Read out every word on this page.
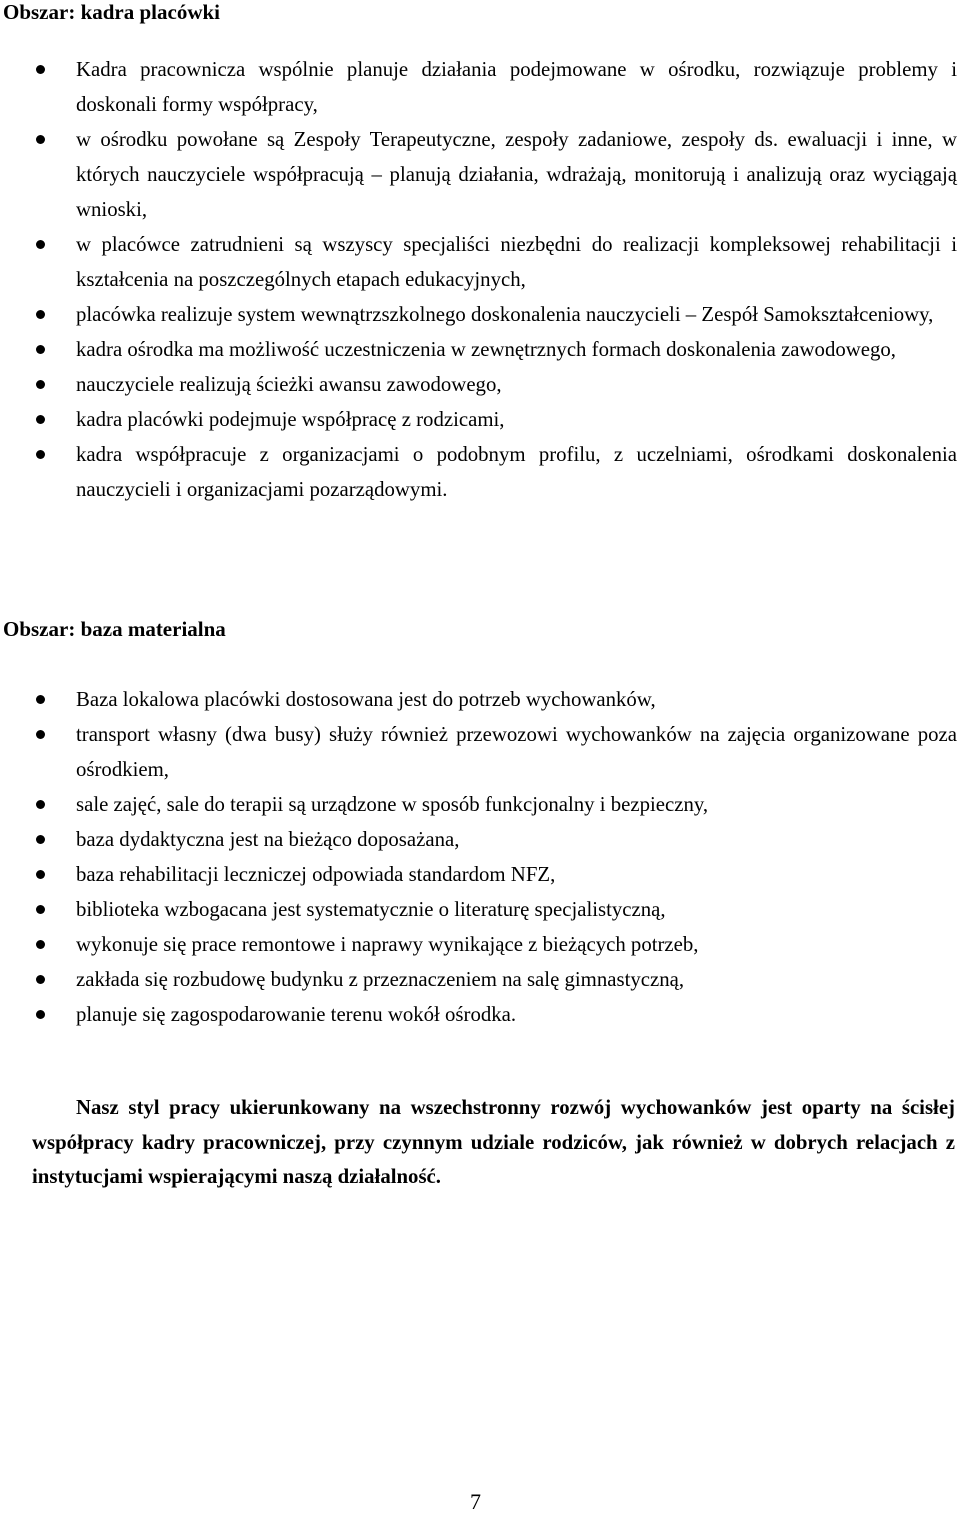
Obszar: kadra placówki
Kadra pracownicza wspólnie planuje działania podejmowane w ośrodku, rozwiązuje problemy i doskonali formy współpracy,
w ośrodku powołane są Zespoły Terapeutyczne, zespoły zadaniowe, zespoły ds. ewaluacji i inne, w których nauczyciele współpracują – planują działania, wdrażają, monitorują i analizują oraz wyciągają wnioski,
w placówce zatrudnieni są wszyscy specjaliści niezbędni do realizacji kompleksowej rehabilitacji i kształcenia na poszczególnych etapach edukacyjnych,
placówka realizuje system wewnątrzszkolnego doskonalenia nauczycieli – Zespół Samokształceniowy,
kadra ośrodka ma możliwość uczestniczenia w zewnętrznych formach doskonalenia zawodowego,
nauczyciele realizują ścieżki awansu zawodowego,
kadra placówki podejmuje współpracę z rodzicami,
kadra współpracuje z organizacjami o podobnym profilu, z uczelniami, ośrodkami doskonalenia nauczycieli i organizacjami pozarządowymi.
Obszar: baza materialna
Baza lokalowa placówki dostosowana jest do potrzeb wychowanków,
transport własny (dwa busy) służy również przewozowi wychowanków na zajęcia organizowane poza ośrodkiem,
sale zajęć, sale do terapii są urządzone w sposób funkcjonalny i bezpieczny,
baza dydaktyczna jest na bieżąco doposażana,
baza rehabilitacji leczniczej odpowiada standardom NFZ,
biblioteka wzbogacana jest systematycznie o literaturę specjalistyczną,
wykonuje się prace remontowe i naprawy wynikające z bieżących potrzeb,
zakłada się rozbudowę budynku z przeznaczeniem na salę gimnastyczną,
planuje się zagospodarowanie terenu wokół ośrodka.

Nasz styl pracy ukierunkowany na wszechstronny rozwój wychowanków jest oparty na ścisłej współpracy kadry pracowniczej, przy czynnym udziale rodziców, jak również w dobrych relacjach z instytucjami wspierającymi naszą działalność.

7
